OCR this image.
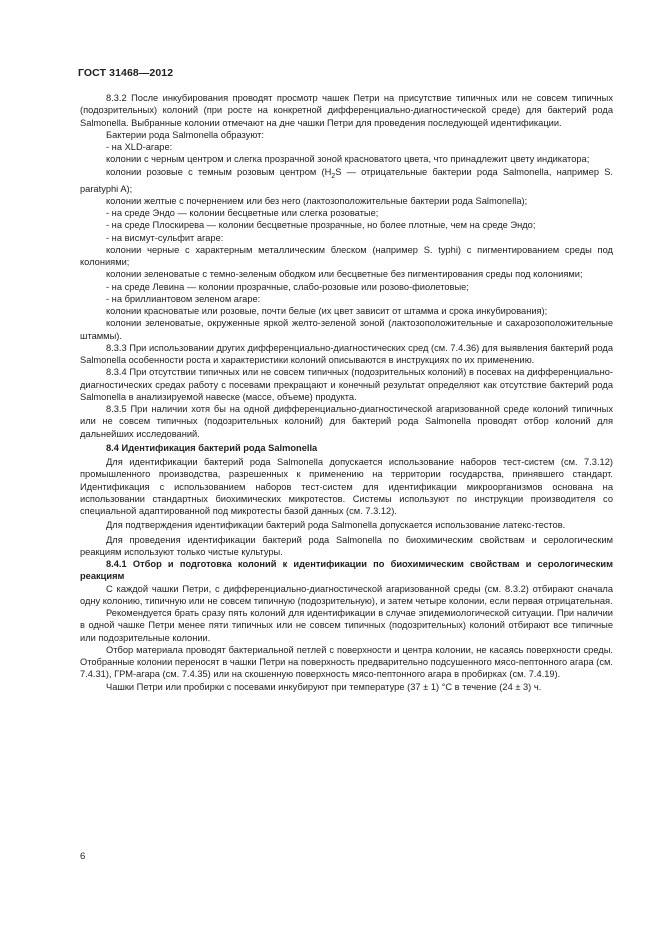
ГОСТ 31468—2012

8.3.2 После инкубирования проводят просмотр чашек Петри на присутствие типичных или не совсем типичных (подозрительных) колоний (при росте на конкретной дифференциально-диагностической среде) для бактерий рода Salmonella. Выбранные колонии отмечают на дне чашки Петри для проведения последующей идентификации.

Бактерии рода Salmonella образуют:

- на XLD-агаре:

колонии с черным центром и слегка прозрачной зоной красноватого цвета, что принадлежит цвету индикатора;

колонии розовые с темным розовым центром ($H_2S$ — отрицательные бактерии рода Salmonella, например S. paratyphi A);

колонии желтые с почернением или без него (лактозоположительные бактерии рода Salmonella);

- на среде Эндо — колонии бесцветные или слегка розоватые;

- на среде Плоскирева — колонии бесцветные прозрачные, но более плотные, чем на среде Эндо;

- на висмут-сульфит агаре:

колонии черные с характерным металлическим блеском (например S. typhi) с пигментированием среды под колониями;

колонии зеленоватые с темно-зеленым ободком или бесцветные без пигментирования среды под колониями;

- на среде Левина — колонии прозрачные, слабо-розовые или розово-фиолетовые;

- на бриллиантовом зеленом агаре:

колонии красноватые или розовые, почти белые (их цвет зависит от штамма и срока инкубирования);

колонии зеленоватые, окруженные яркой желто-зеленой зоной (лактозоположительные и сахарозоположительные штаммы).

8.3.3 При использовании других дифференциально-диагностических сред (см. 7.4.36) для выявления бактерий рода Salmonella особенности роста и характеристики колоний описываются в инструкциях по их применению.

8.3.4 При отсутствии типичных или не совсем типичных (подозрительных колоний) в посевах на дифференциально-диагностических средах работу с посевами прекращают и конечный результат определяют как отсутствие бактерий рода Salmonella в анализируемой навеске (массе, объеме) продукта.

8.3.5 При наличии хотя бы на одной дифференциально-диагностической агаризованной среде колоний типичных или не совсем типичных (подозрительных колоний) для бактерий рода Salmonella проводят отбор колоний для дальнейших исследований.

8.4 Идентификация бактерий рода Salmonella

Для идентификации бактерий рода Salmonella допускается использование наборов тест-систем (см. 7.3.12) промышленного производства, разрешенных к применению на территории государства, принявшего стандарт. Идентификация с использованием наборов тест-систем для идентификации микроорганизмов основана на использовании стандартных биохимических микротестов. Системы используют по инструкции производителя со специальной адаптированной под микротесты базой данных (см. 7.3.12).

Для подтверждения идентификации бактерий рода Salmonella допускается использование латекс-тестов.

Для проведения идентификации бактерий рода Salmonella по биохимическим свойствам и серологическим реакциям используют только чистые культуры.

8.4.1 Отбор и подготовка колоний к идентификации по биохимическим свойствам и серологическим реакциям

С каждой чашки Петри, с дифференциально-диагностической агаризованной среды (см. 8.3.2) отбирают сначала одну колонию, типичную или не совсем типичную (подозрительную), и затем четыре колонии, если первая отрицательная.

Рекомендуется брать сразу пять колоний для идентификации в случае эпидемиологической ситуации. При наличии в одной чашке Петри менее пяти типичных или не совсем типичных (подозрительных) колоний отбирают все типичные или подозрительные колонии.

Отбор материала проводят бактериальной петлей с поверхности и центра колонии, не касаясь поверхности среды. Отобранные колонии переносят в чашки Петри на поверхность предварительно подсушенного мясо-пептонного агара (см. 7.4.31), ГРМ-агара (см. 7.4.35) или на скошенную поверхность мясо-пептонного агара в пробирках (см. 7.4.19).

Чашки Петри или пробирки с посевами инкубируют при температуре (37 ± 1) °С в течение (24 ± 3) ч.

6
